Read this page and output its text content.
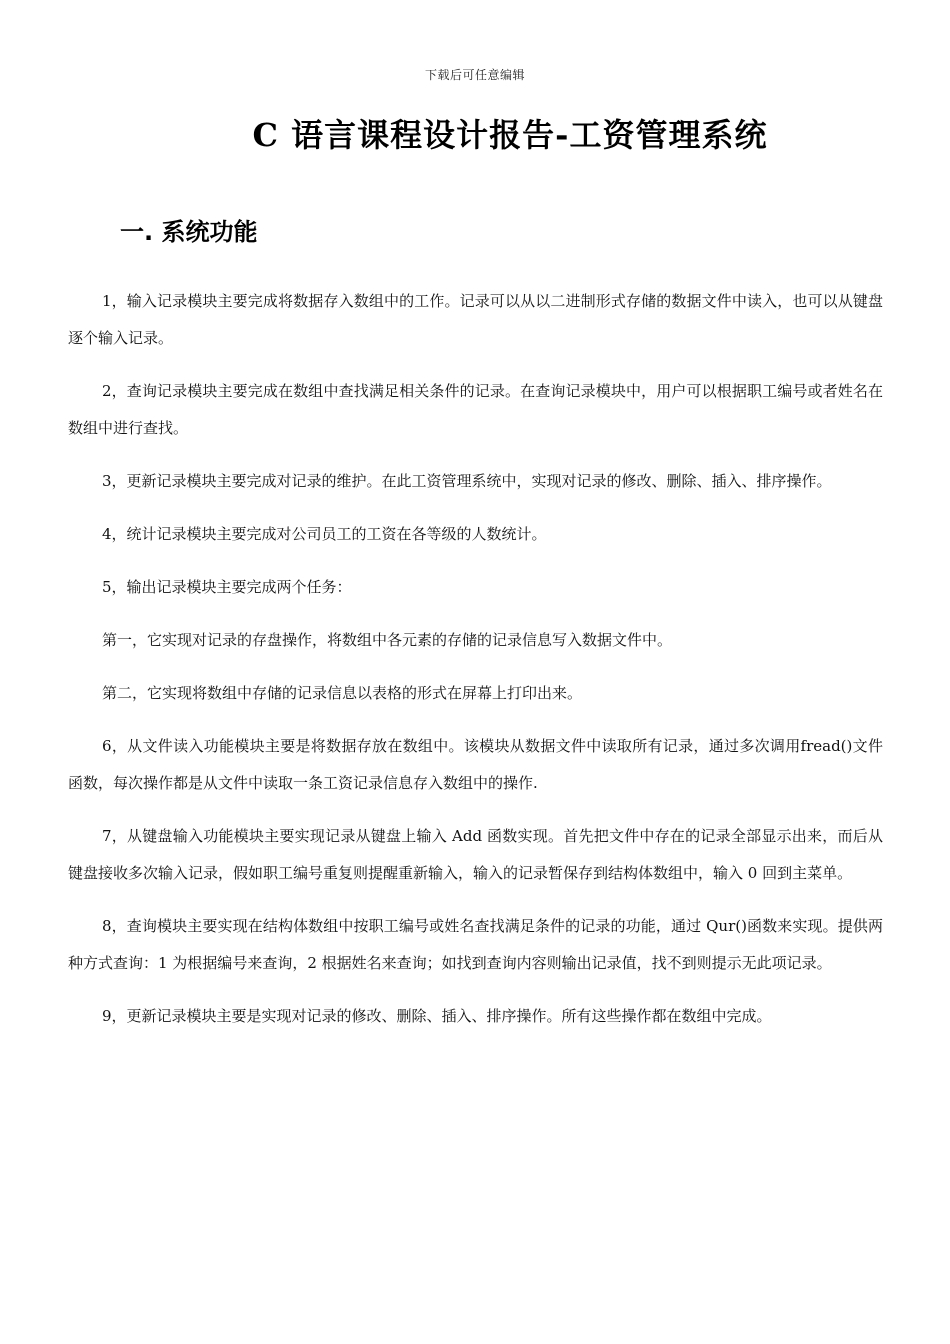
下载后可任意编辑
C 语言课程设计报告-工资管理系统
一. 系统功能

1，输入记录模块主要完成将数据存入数组中的工作。记录可以从以二进制形式存储的数据文件中读入，也可以从键盘逐个输入记录。

2，查询记录模块主要完成在数组中查找满足相关条件的记录。在查询记录模块中，用户可以根据职工编号或者姓名在数组中进行查找。

3，更新记录模块主要完成对记录的维护。在此工资管理系统中，实现对记录的修改、删除、插入、排序操作。

4，统计记录模块主要完成对公司员工的工资在各等级的人数统计。

5，输出记录模块主要完成两个任务：

第一，它实现对记录的存盘操作，将数组中各元素的存储的记录信息写入数据文件中。

第二，它实现将数组中存储的记录信息以表格的形式在屏幕上打印出来。

6，从文件读入功能模块主要是将数据存放在数组中。该模块从数据文件中读取所有记录，通过多次调用fread()文件函数，每次操作都是从文件中读取一条工资记录信息存入数组中的操作.

7，从键盘输入功能模块主要实现记录从键盘上输入 Add 函数实现。首先把文件中存在的记录全部显示出来，而后从键盘接收多次输入记录，假如职工编号重复则提醒重新输入，输入的记录暂保存到结构体数组中，输入 0 回到主菜单。

8，查询模块主要实现在结构体数组中按职工编号或姓名查找满足条件的记录的功能，通过 Qur()函数来实现。提供两种方式查询：1 为根据编号来查询，2 根据姓名来查询；如找到查询内容则输出记录值，找不到则提示无此项记录。

9，更新记录模块主要是实现对记录的修改、删除、插入、排序操作。所有这些操作都在数组中完成。
